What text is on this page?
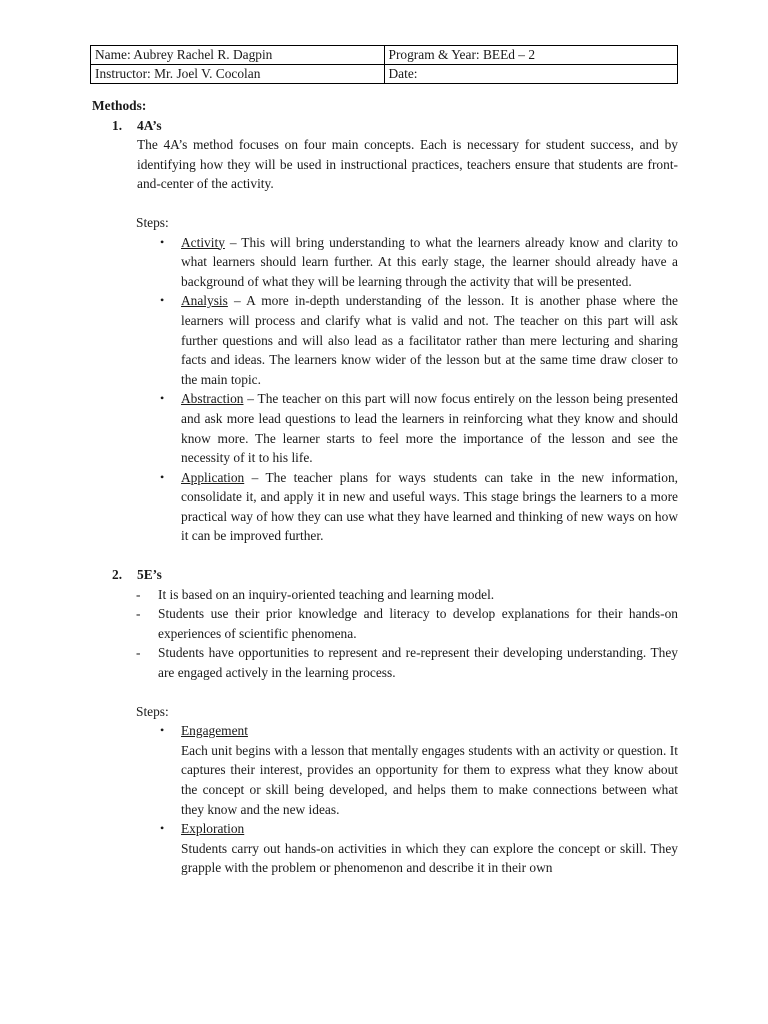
Name: Aubrey Rachel R. Dagpin	Program & Year: BEEd – 2
Instructor: Mr. Joel V. Cocolan	Date:
Methods:
1. 4A’s
The 4A’s method focuses on four main concepts. Each is necessary for student success, and by identifying how they will be used in instructional practices, teachers ensure that students are front-and-center of the activity.
Steps:
• Activity – This will bring understanding to what the learners already know and clarity to what learners should learn further. At this early stage, the learner should already have a background of what they will be learning through the activity that will be presented.
• Analysis – A more in-depth understanding of the lesson. It is another phase where the learners will process and clarify what is valid and not. The teacher on this part will ask further questions and will also lead as a facilitator rather than mere lecturing and sharing facts and ideas. The learners know wider of the lesson but at the same time draw closer to the main topic.
• Abstraction – The teacher on this part will now focus entirely on the lesson being presented and ask more lead questions to lead the learners in reinforcing what they know and should know more. The learner starts to feel more the importance of the lesson and see the necessity of it to his life.
• Application – The teacher plans for ways students can take in the new information, consolidate it, and apply it in new and useful ways. This stage brings the learners to a more practical way of how they can use what they have learned and thinking of new ways on how it can be improved further.
2. 5E’s
- It is based on an inquiry-oriented teaching and learning model.
- Students use their prior knowledge and literacy to develop explanations for their hands-on experiences of scientific phenomena.
- Students have opportunities to represent and re-represent their developing understanding. They are engaged actively in the learning process.
Steps:
• Engagement
Each unit begins with a lesson that mentally engages students with an activity or question. It captures their interest, provides an opportunity for them to express what they know about the concept or skill being developed, and helps them to make connections between what they know and the new ideas.
• Exploration
Students carry out hands-on activities in which they can explore the concept or skill. They grapple with the problem or phenomenon and describe it in their own
